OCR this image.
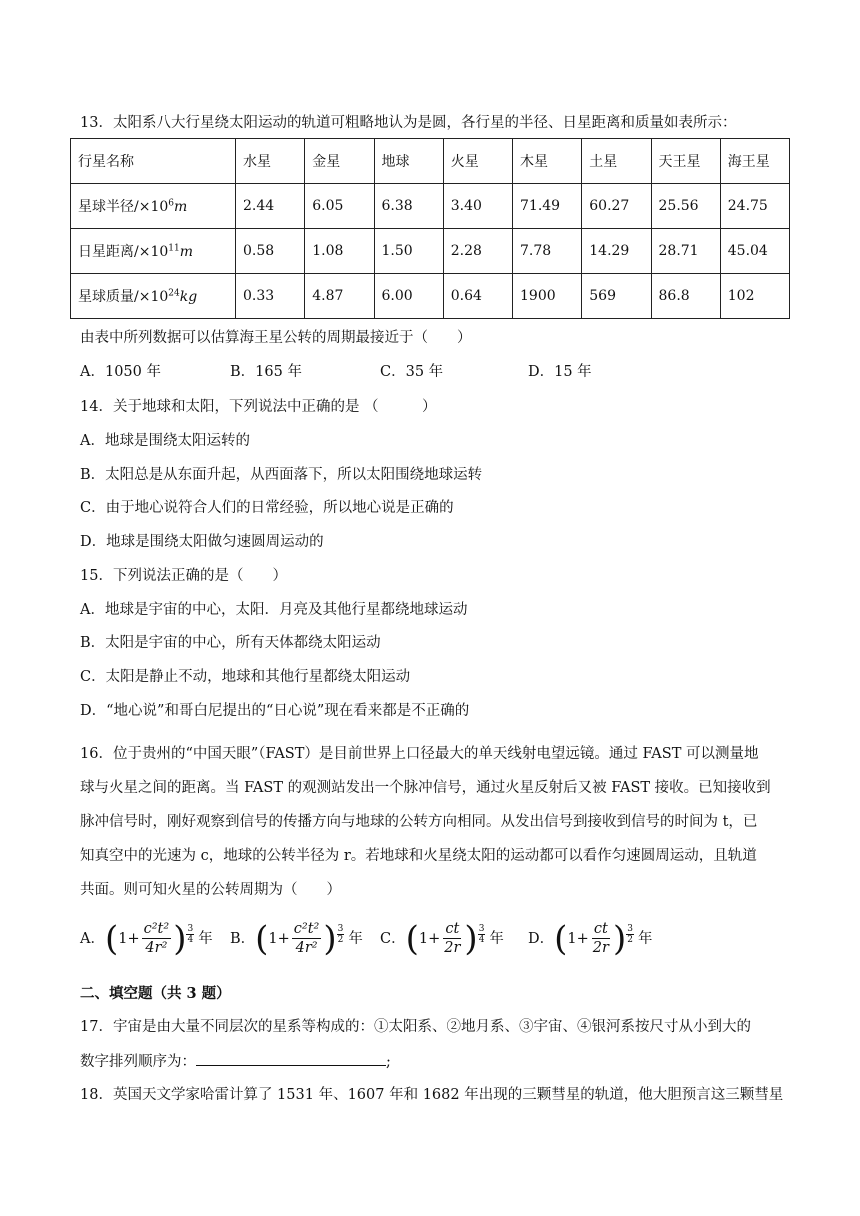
13．太阳系八大行星绕太阳运动的轨道可粗略地认为是圆，各行星的半径、日星距离和质量如表所示：
行星名称	水星	金星	地球	火星	木星	土星	天王星	海王星
星球半径$/\times 10^6m$	2.44	6.05	6.38	3.40	71.49	60.27	25.56	24.75
日星距离$/\times 10^{11}m$	0.58	1.08	1.50	2.28	7.78	14.29	28.71	45.04
星球质量$/\times 10^{24}kg$	0.33	4.87	6.00	0.64	1900	569	86.8	102
由表中所列数据可以估算海王星公转的周期最接近于（　　）
A．1050 年	B．165 年	C．35 年	D．15 年
14．关于地球和太阳，下列说法中正确的是 （　　　）
A．地球是围绕太阳运转的
B．太阳总是从东面升起，从西面落下，所以太阳围绕地球运转
C．由于地心说符合人们的日常经验，所以地心说是正确的
D．地球是围绕太阳做匀速圆周运动的
15．下列说法正确的是（　　）
A．地球是宇宙的中心，太阳．月亮及其他行星都绕地球运动
B．太阳是宇宙的中心，所有天体都绕太阳运动
C．太阳是静止不动，地球和其他行星都绕太阳运动
D．“地心说”和哥白尼提出的“日心说”现在看来都是不正确的
16．位于贵州的“中国天眼”（FAST）是目前世界上口径最大的单天线射电望远镜。通过 FAST 可以测量地
球与火星之间的距离。当 FAST 的观测站发出一个脉冲信号，通过火星反射后又被 FAST 接收。已知接收到
脉冲信号时，刚好观察到信号的传播方向与地球的公转方向相同。从发出信号到接收到信号的时间为 t，已
知真空中的光速为 c，地球的公转半径为 r。若地球和火星绕太阳的运动都可以看作匀速圆周运动，且轨道
共面。则可知火星的公转周期为（　　）
A． ( $1+ \frac{\text{c²t²}}{\text{4r²}}$ ) 3
4 年 B． ( $1+ \frac{\text{c²t²}}{\text{4r²}}$ ) 3
2 年 C． ( $1+ \frac{ct}{2r}$ ) 3
4 年 D． ( $1+ \frac{ct}{2r}$ ) 3
2 年
二、填空题（共 3 题）
17．宇宙是由大量不同层次的星系等构成的：①太阳系、②地月系、③宇宙、④银河系按尺寸从小到大的
数字排列顺序为：	;
18．英国天文学家哈雷计算了 1531 年、1607 年和 1682 年出现的三颗彗星的轨道，他大胆预言这三颗彗星
